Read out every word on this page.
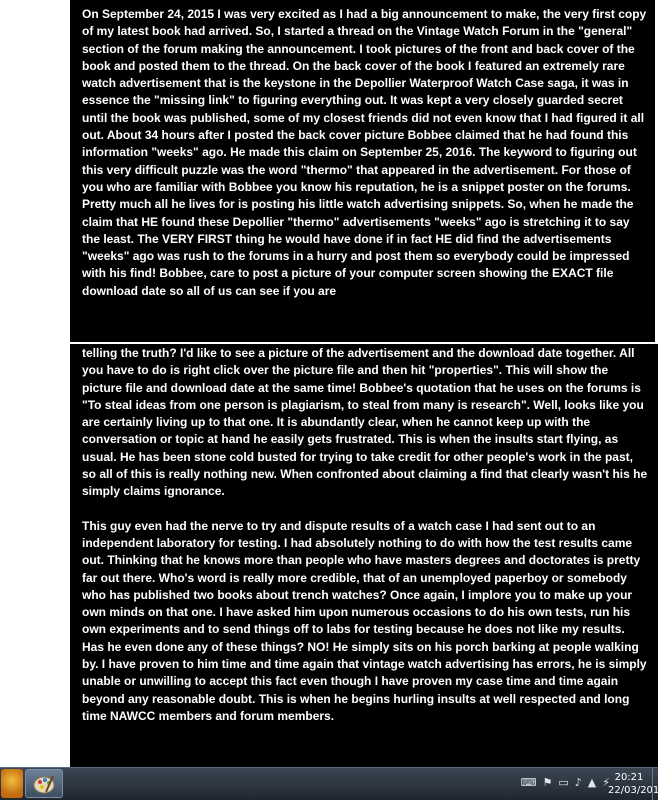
On September 24, 2015 I was very excited as I had a big announcement to make, the very first copy of my latest book had arrived. So, I started a thread on the Vintage Watch Forum in the "general" section of the forum making the announcement. I took pictures of the front and back cover of the book and posted them to the thread. On the back cover of the book I featured an extremely rare watch advertisement that is the keystone in the Depollier Waterproof Watch Case saga, it was in essence the "missing link" to figuring everything out. It was kept a very closely guarded secret until the book was published, some of my closest friends did not even know that I had figured it all out. About 34 hours after I posted the back cover picture Bobbee claimed that he had found this information "weeks" ago. He made this claim on September 25, 2016. The keyword to figuring out this very difficult puzzle was the word "thermo" that appeared in the advertisement. For those of you who are familiar with Bobbee you know his reputation, he is a snippet poster on the forums. Pretty much all he lives for is posting his little watch advertising snippets. So, when he made the claim that HE found these Depollier "thermo" advertisements "weeks" ago is stretching it to say the least. The VERY FIRST thing he would have done if in fact HE did find the advertisements "weeks" ago was rush to the forums in a hurry and post them so everybody could be impressed with his find! Bobbee, care to post a picture of your computer screen showing the EXACT file download date so all of us can see if you are

telling the truth? I'd like to see a picture of the advertisement and the download date together. All you have to do is right click over the picture file and then hit "properties". This will show the picture file and download date at the same time! Bobbee's quotation that he uses on the forums is "To steal ideas from one person is plagiarism, to steal from many is research". Well, looks like you are certainly living up to that one. It is abundantly clear, when he cannot keep up with the conversation or topic at hand he easily gets frustrated. This is when the insults start flying, as usual. He has been stone cold busted for trying to take credit for other people's work in the past, so all of this is really nothing new. When confronted about claiming a find that clearly wasn't his he simply claims ignorance.

This guy even had the nerve to try and dispute results of a watch case I had sent out to an independent laboratory for testing. I had absolutely nothing to do with how the test results came out. Thinking that he knows more than people who have masters degrees and doctorates is pretty far out there. Who's word is really more credible, that of an unemployed paperboy or somebody who has published two books about trench watches? Once again, I implore you to make up your own minds on that one. I have asked him upon numerous occasions to do his own tests, run his own experiments and to send things off to labs for testing because he does not like my results. Has he even done any of these things? NO! He simply sits on his porch barking at people walking by. I have proven to him time and time again that vintage watch advertising has errors, he is simply unable or unwilling to accept this fact even though I have proven my case time and time again beyond any reasonable doubt. This is when he begins hurling insults at well respected and long time NAWCC members and forum members.

⌨ ⚑ ▭ ♪ ▲ ⚡ 20:21
22/03/2016
